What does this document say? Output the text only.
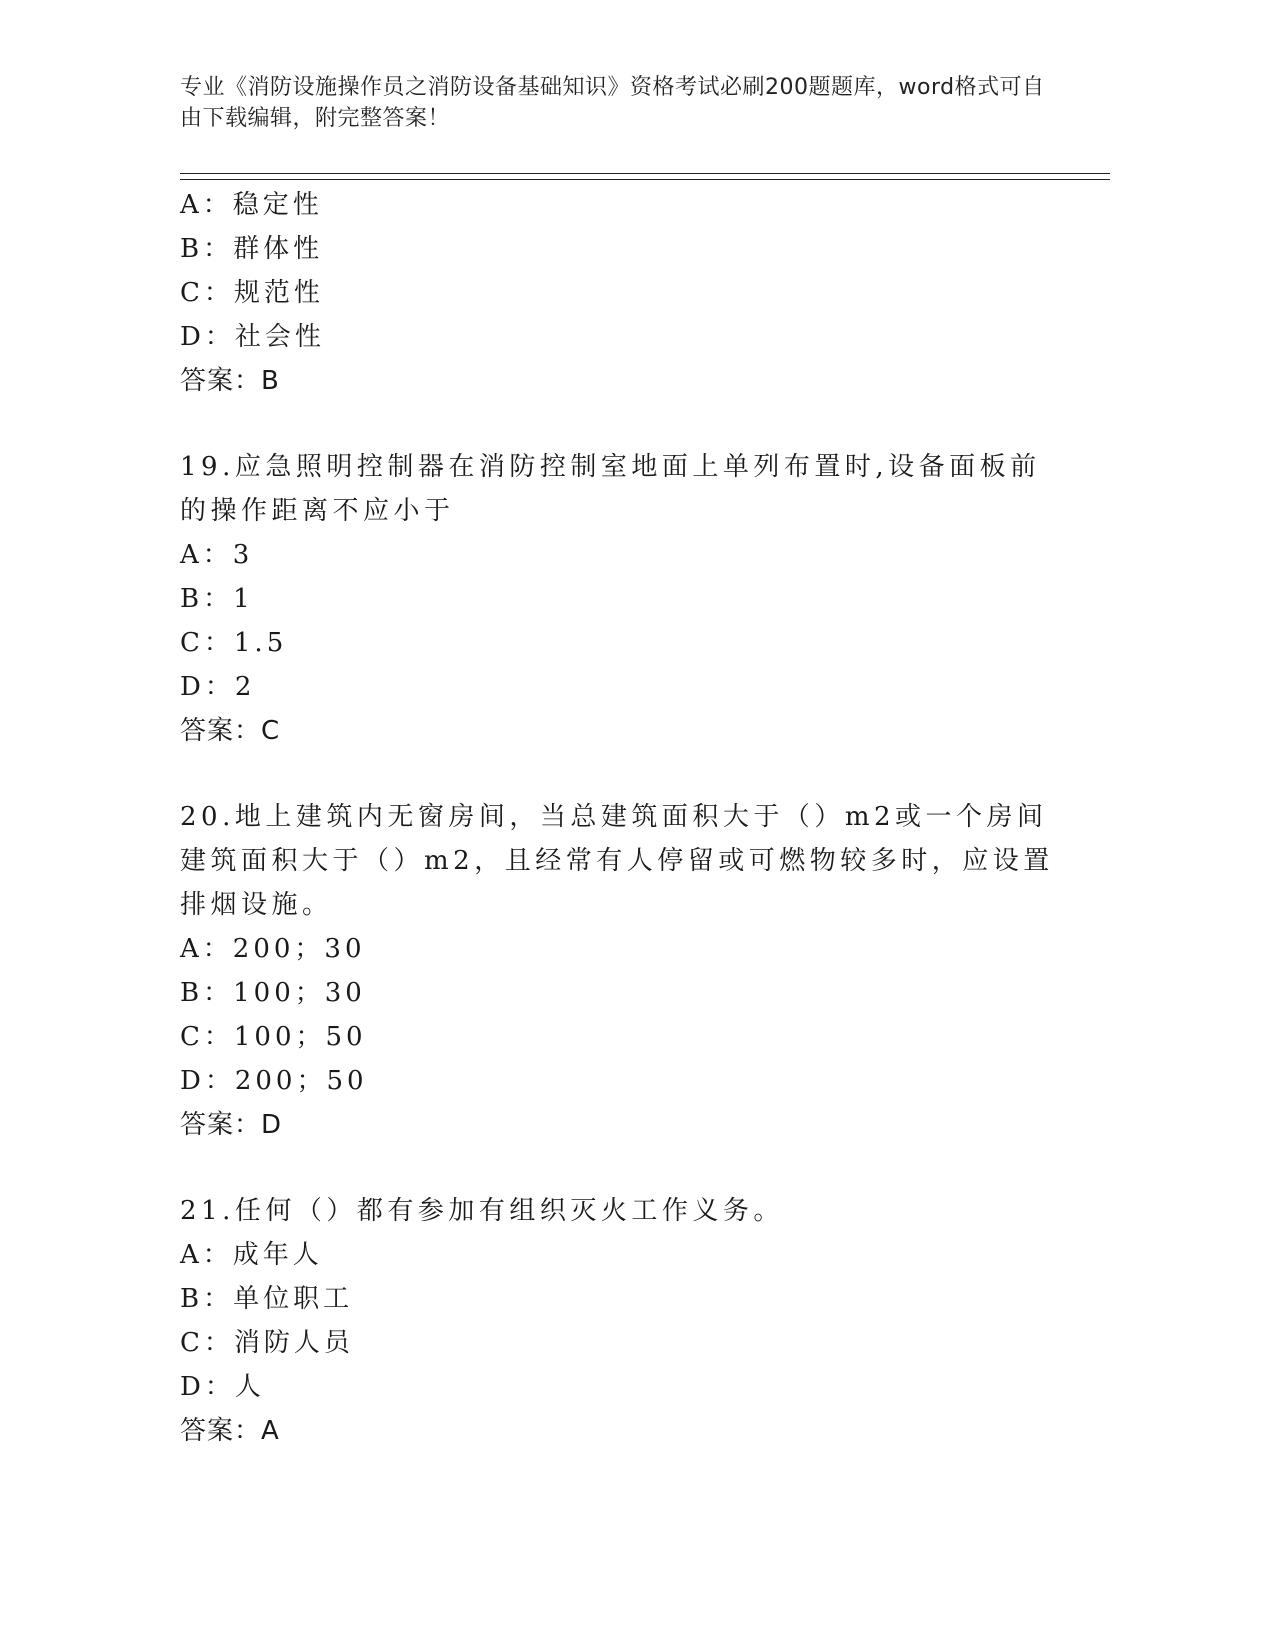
专业《消防设施操作员之消防设备基础知识》资格考试必刷200题题库，word格式可自由下载编辑，附完整答案！
A：稳定性
B：群体性
C：规范性
D：社会性
答案：B
19.应急照明控制器在消防控制室地面上单列布置时,设备面板前的操作距离不应小于
A：3
B：1
C：1.5
D：2
答案：C
20.地上建筑内无窗房间，当总建筑面积大于（）m2或一个房间建筑面积大于（）m2，且经常有人停留或可燃物较多时，应设置排烟设施。
A：200；30
B：100；30
C：100；50
D：200；50
答案：D
21.任何（）都有参加有组织灭火工作义务。
A：成年人
B：单位职工
C：消防人员
D：人
答案：A
